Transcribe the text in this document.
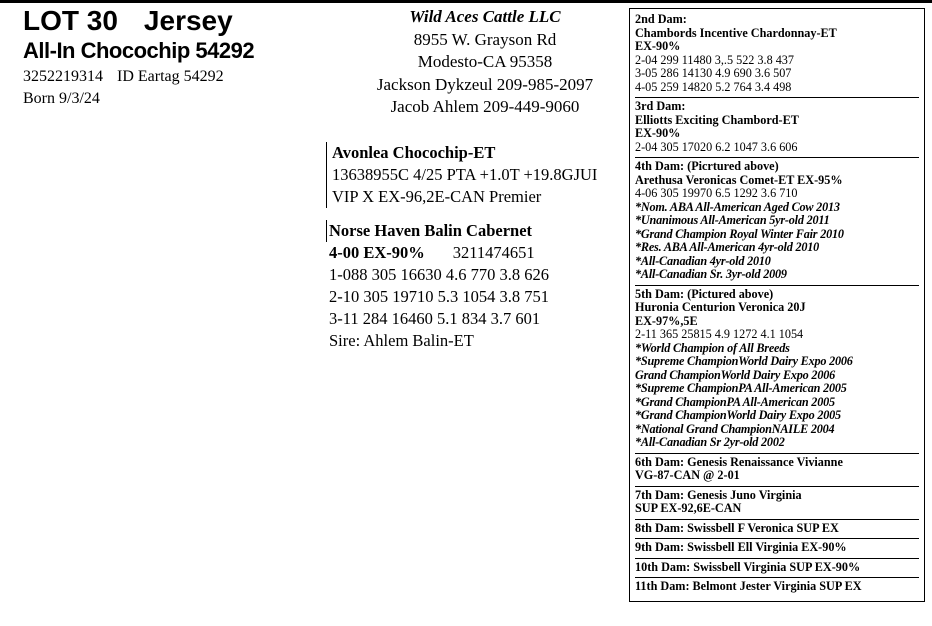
LOT 30 Jersey
All-In Chocochip 54292
3252219314 ID Eartag 54292
Born 9/3/24
Wild Aces Cattle LLC
8955 W. Grayson Rd
Modesto-CA 95358
Jackson Dykzeul 209-985-2097
Jacob Ahlem 209-449-9060
Avonlea Chocochip-ET
13638955C 4/25 PTA +1.0T +19.8GJUI
VIP X EX-96,2E-CAN Premier
Norse Haven Balin Cabernet
4-00 EX-90% 3211474651
1-088 305 16630 4.6 770 3.8 626
2-10 305 19710 5.3 1054 3.8 751
3-11 284 16460 5.1 834 3.7 601
Sire: Ahlem Balin-ET
2nd Dam:
Chambords Incentive Chardonnay-ET
EX-90%
2-04 299 11480 3,.5 522 3.8 437
3-05 286 14130 4.9 690 3.6 507
4-05 259 14820 5.2 764 3.4 498
3rd Dam:
Elliotts Exciting Chambord-ET
EX-90%
2-04 305 17020 6.2 1047 3.6 606
4th Dam: (Picrtured above)
Arethusa Veronicas Comet-ET EX-95%
4-06 305 19970 6.5 1292 3.6 710
*Nom. ABA All-American Aged Cow 2013
*Unanimous All-American 5yr-old 2011
*Grand Champion Royal Winter Fair 2010
*Res. ABA All-American 4yr-old 2010
*All-Canadian 4yr-old 2010
*All-Canadian Sr. 3yr-old 2009
5th Dam: (Pictured above)
Huronia Centurion Veronica 20J
EX-97%,5E
2-11 365 25815 4.9 1272 4.1 1054
*World Champion of All Breeds
*Supreme ChampionWorld Dairy Expo 2006
Grand ChampionWorld Dairy Expo 2006
*Supreme ChampionPA All-American 2005
*Grand ChampionPA All-American 2005
*Grand ChampionWorld Dairy Expo 2005
*National Grand ChampionNAILE 2004
*All-Canadian Sr 2yr-old 2002
6th Dam: Genesis Renaissance Vivianne
VG-87-CAN @ 2-01
7th Dam: Genesis Juno Virginia
SUP EX-92,6E-CAN
8th Dam: Swissbell F Veronica SUP EX
9th Dam: Swissbell Ell Virginia EX-90%
10th Dam: Swissbell Virginia SUP EX-90%
11th Dam: Belmont Jester Virginia SUP EX
